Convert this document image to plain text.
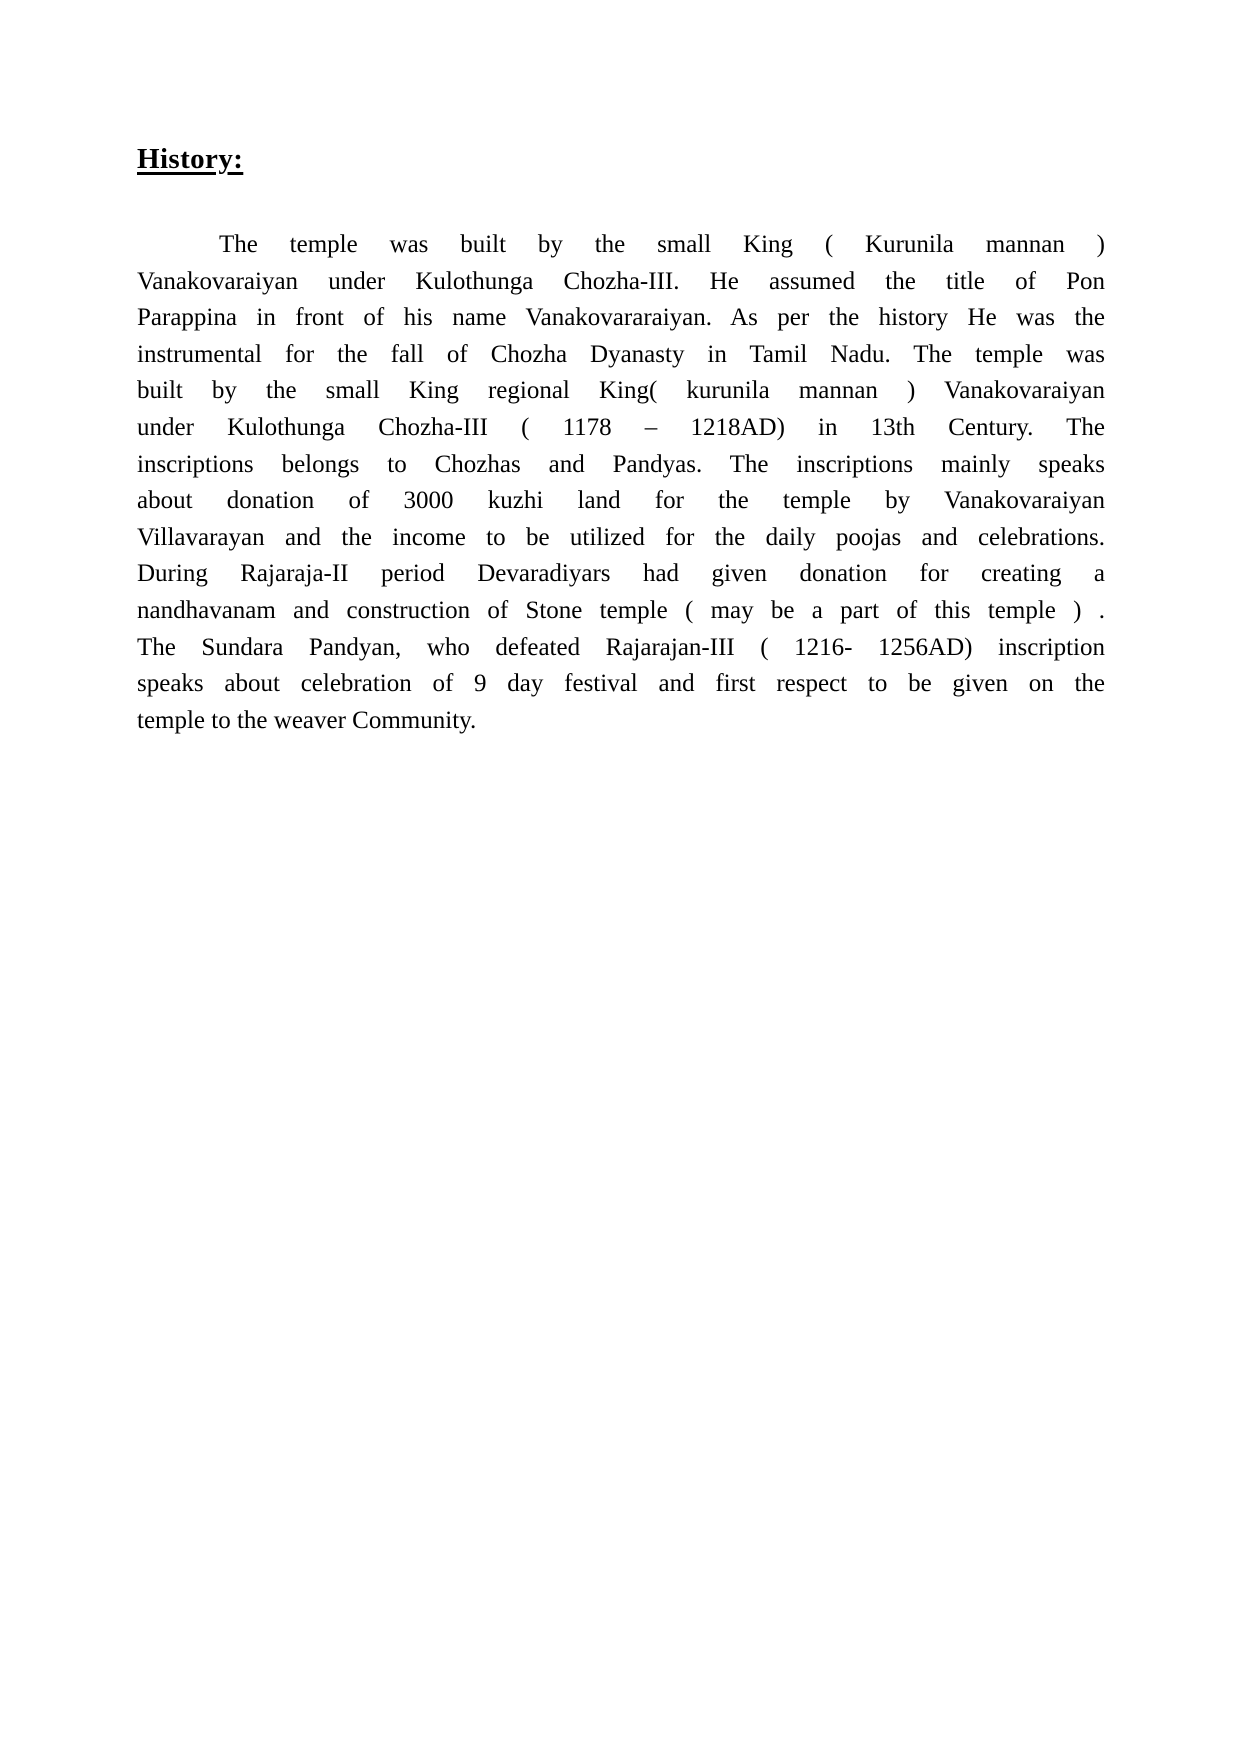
History:
The temple was built by the small King ( Kurunila mannan )
Vanakovaraiyan under Kulothunga Chozha-III. He assumed the title of Pon
Parappina in front of his name Vanakovararaiyan. As per the history He was the
instrumental for the fall of Chozha Dyanasty in Tamil Nadu. The temple was
built by the small King regional King( kurunila mannan ) Vanakovaraiyan
under Kulothunga Chozha-III ( 1178 – 1218AD) in 13th Century. The
inscriptions belongs to Chozhas and Pandyas. The inscriptions mainly speaks
about donation of 3000 kuzhi land for the temple by Vanakovaraiyan
Villavarayan and the income to be utilized for the daily poojas and celebrations.
During Rajaraja-II period Devaradiyars had given donation for creating a
nandhavanam and construction of Stone temple ( may be a part of this temple ) .
The Sundara Pandyan, who defeated Rajarajan-III ( 1216- 1256AD) inscription
speaks about celebration of 9 day festival and first respect to be given on the
temple to the weaver Community.
